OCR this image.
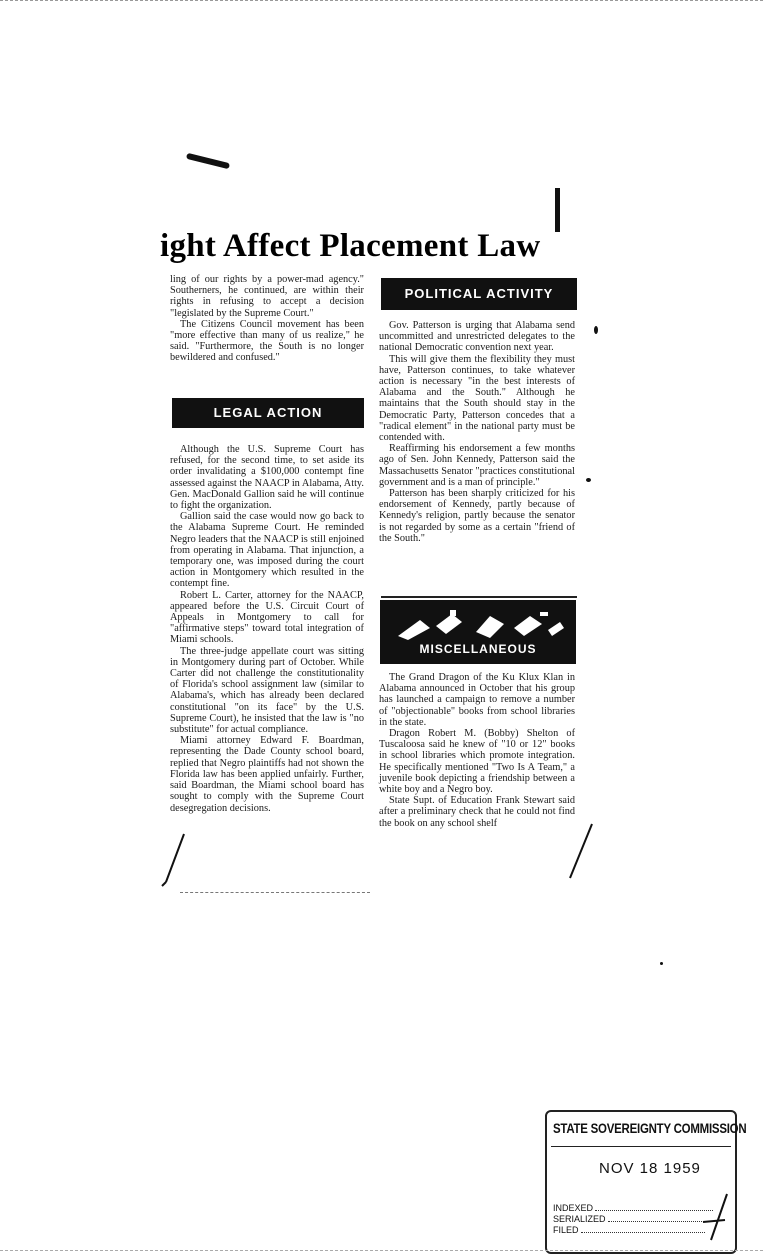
ight Affect Placement Law

ling of our rights by a power-mad agency." Southerners, he continued, are within their rights in refusing to accept a decision "legislated by the Supreme Court."

The Citizens Council movement has been "more effective than many of us realize," he said. "Furthermore, the South is no longer bewildered and confused."

LEGAL ACTION

Although the U.S. Supreme Court has refused, for the second time, to set aside its order invalidating a $100,000 contempt fine assessed against the NAACP in Alabama, Atty. Gen. MacDonald Gallion said he will continue to fight the organization.

Gallion said the case would now go back to the Alabama Supreme Court. He reminded Negro leaders that the NAACP is still enjoined from operating in Alabama. That injunction, a temporary one, was imposed during the court action in Montgomery which resulted in the contempt fine.

Robert L. Carter, attorney for the NAACP, appeared before the U.S. Circuit Court of Appeals in Montgomery to call for "affirmative steps" toward total integration of Miami schools.

The three-judge appellate court was sitting in Montgomery during part of October. While Carter did not challenge the constitutionality of Florida's school assignment law (similar to Alabama's, which has already been declared constitutional "on its face" by the U.S. Supreme Court), he insisted that the law is "no substitute" for actual compliance.

Miami attorney Edward F. Boardman, representing the Dade County school board, replied that Negro plaintiffs had not shown the Florida law has been applied unfairly. Further, said Boardman, the Miami school board has sought to comply with the Supreme Court desegregation decisions.

POLITICAL ACTIVITY

Gov. Patterson is urging that Alabama send uncommitted and unrestricted delegates to the national Democratic convention next year.

This will give them the flexibility they must have, Patterson continues, to take whatever action is necessary "in the best interests of Alabama and the South." Although he maintains that the South should stay in the Democratic Party, Patterson concedes that a "radical element" in the national party must be contended with.

Reaffirming his endorsement a few months ago of Sen. John Kennedy, Patterson said the Massachusetts Senator "practices constitutional government and is a man of principle."

Patterson has been sharply criticized for his endorsement of Kennedy, partly because of Kennedy's religion, partly because the senator is not regarded by some as a certain "friend of the South."

MISCELLANEOUS

The Grand Dragon of the Ku Klux Klan in Alabama announced in October that his group has launched a campaign to remove a number of "objectionable" books from school libraries in the state.

Dragon Robert M. (Bobby) Shelton of Tuscaloosa said he knew of "10 or 12" books in school libraries which promote integration. He specifically mentioned "Two Is A Team," a juvenile book depicting a friendship between a white boy and a Negro boy.

State Supt. of Education Frank Stewart said after a preliminary check that he could not find the book on any school shelf

STATE SOVEREIGNTY COMMISSION
NOV 18 1959
INDEXED
SERIALIZED
FILED
